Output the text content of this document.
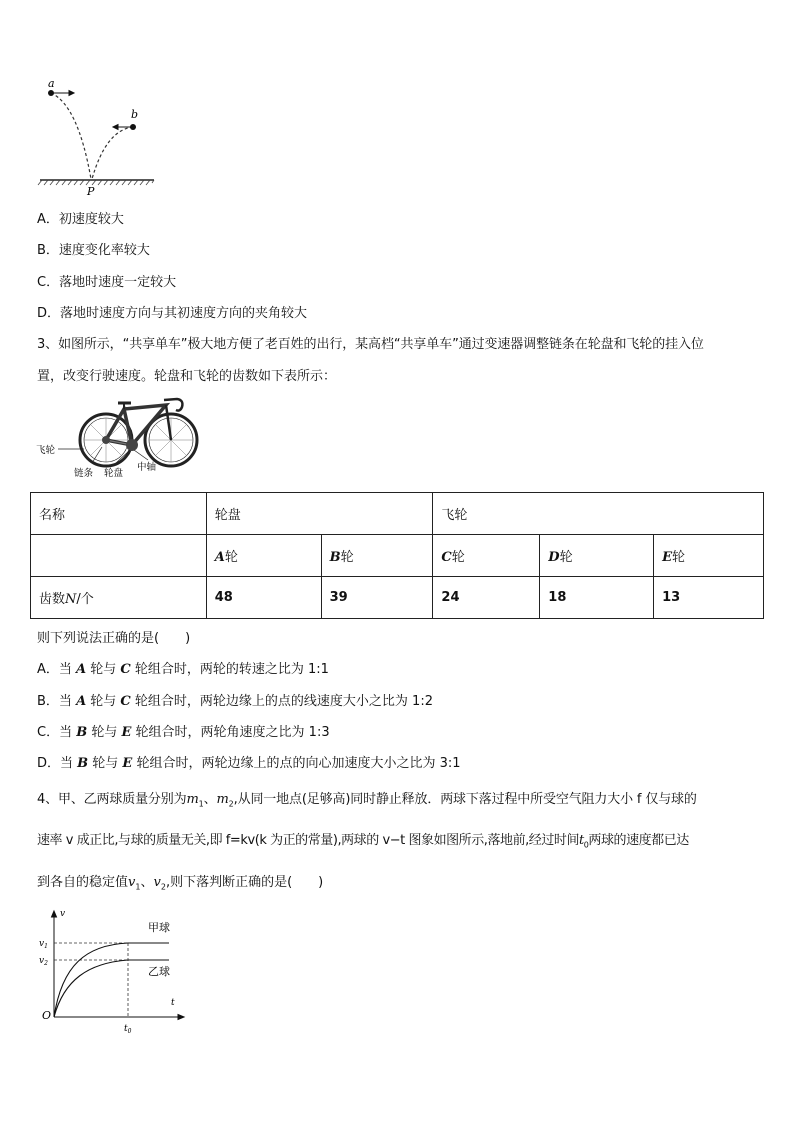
a
b
P
A．初速度较大
B．速度变化率较大
C．落地时速度一定较大
D．落地时速度方向与其初速度方向的夹角较大
3、如图所示，“共享单车”极大地方便了老百姓的出行，某高档“共享单车”通过变速器调整链条在轮盘和飞轮的挂入位
置，改变行驶速度。轮盘和飞轮的齿数如下表所示：
飞轮
链条 轮盘
中轴
名称	轮盘		飞轮		
	A轮	B轮	C轮	D轮	E轮
齿数N/个	48	39	24	18	13
则下列说法正确的是(　　)
A．当 A 轮与 C 轮组合时，两轮的转速之比为 1:1
B．当 A 轮与 C 轮组合时，两轮边缘上的点的线速度大小之比为 1:2
C．当 B 轮与 E 轮组合时，两轮角速度之比为 1:3
D．当 B 轮与 E 轮组合时，两轮边缘上的点的向心加速度大小之比为 3:1
4、甲、乙两球质量分别为$m_1$、$m_2$,从同一地点(足够高)同时静止释放．两球下落过程中所受空气阻力大小 f 仅与球的
速率 v 成正比,与球的质量无关,即 f=kv(k 为正的常量),两球的 v−t 图象如图所示,落地前,经过时间$t_0$两球的速度都已达
到各自的稳定值$v_1$、$v_2$,则下落判断正确的是(　　)
v
t
O
$v_1$
$v_2$
$t_0$
甲球
乙球
